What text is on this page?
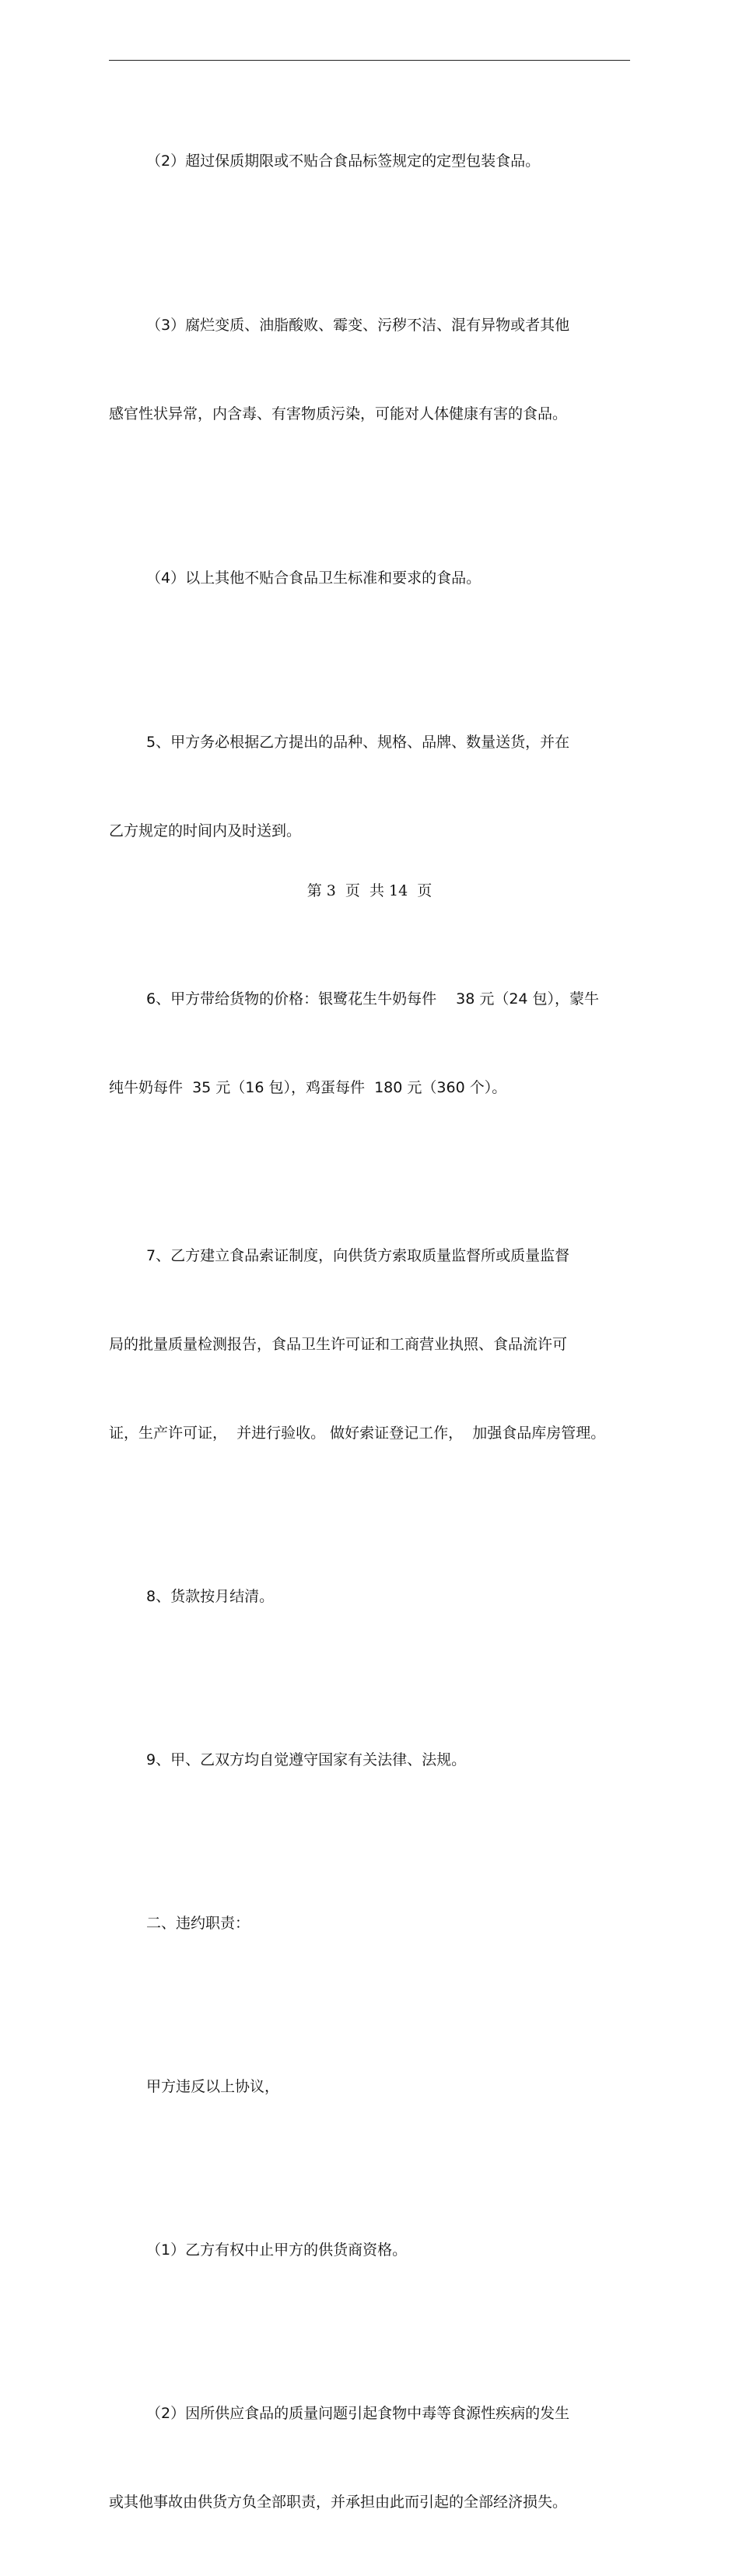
（2）超过保质期限或不贴合食品标签规定的定型包装食品。

（3）腐烂变质、油脂酸败、霉变、污秽不洁、混有异物或者其他

感官性状异常，内含毒、有害物质污染，可能对人体健康有害的食品。

（4）以上其他不贴合食品卫生标准和要求的食品。

5、甲方务必根据乙方提出的品种、规格、品牌、数量送货，并在

乙方规定的时间内及时送到。

6、甲方带给货物的价格：银鹭花生牛奶每件　 38 元（24 包），蒙牛

纯牛奶每件  35 元（16 包），鸡蛋每件  180 元（360 个）。

7、乙方建立食品索证制度，向供货方索取质量监督所或质量监督

局的批量质量检测报告，食品卫生许可证和工商营业执照、食品流许可

证，生产许可证，  并进行验收。 做好索证登记工作，  加强食品库房管理。

8、货款按月结清。

9、甲、乙双方均自觉遵守国家有关法律、法规。

二、违约职责：

甲方违反以上协议，

（1）乙方有权中止甲方的供货商资格。

（2）因所供应食品的质量问题引起食物中毒等食源性疾病的发生

或其他事故由供货方负全部职责，并承担由此而引起的全部经济损失。

第 3  页  共 14  页
